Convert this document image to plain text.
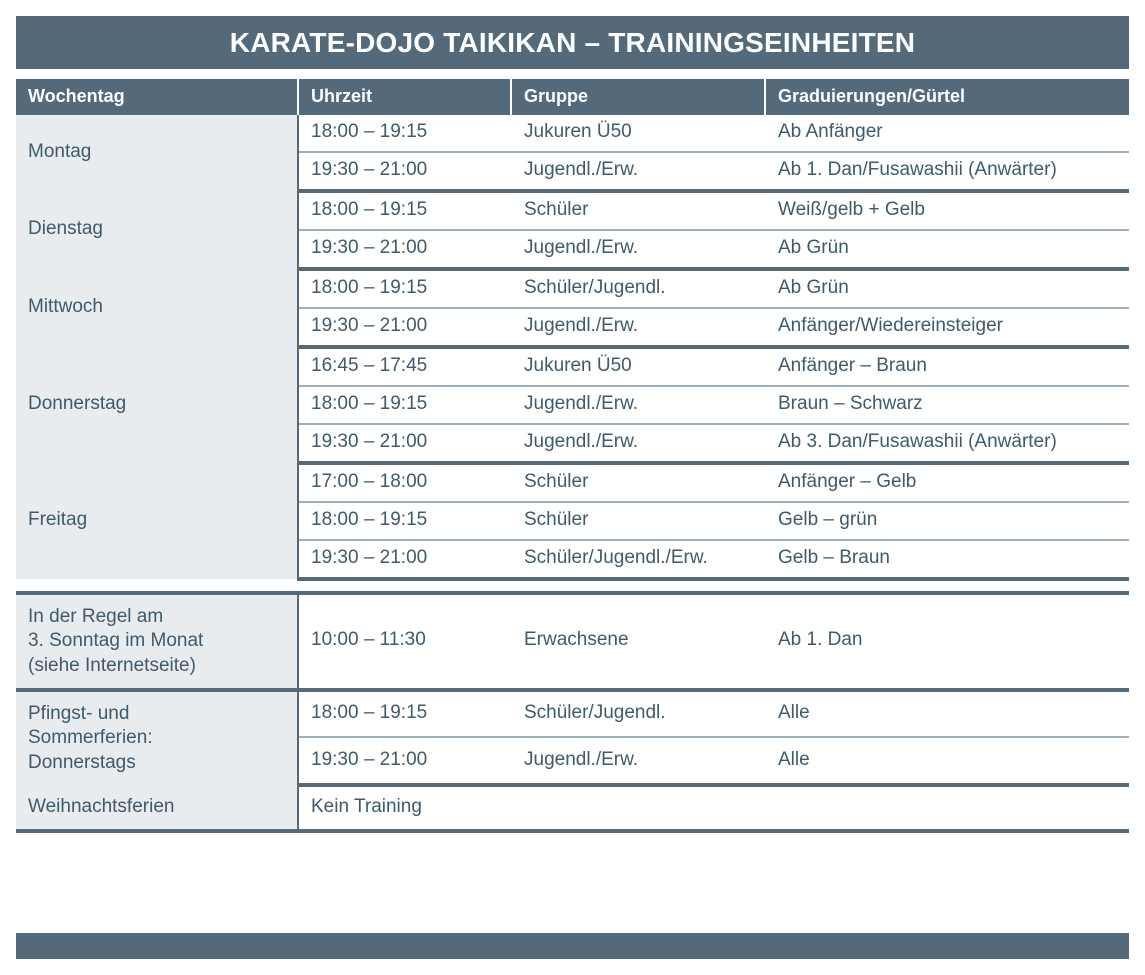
KARATE-DOJO TAIKIKAN – TRAININGSEINHEITEN
Wochentag	Uhrzeit	Gruppe	Graduierungen/Gürtel
Montag	18:00 – 19:15	Jukuren Ü50	Ab Anfänger
	19:30 – 21:00	Jugendl./Erw.	Ab 1. Dan/Fusawashii (Anwärter)
Dienstag	18:00 – 19:15	Schüler	Weiß/gelb + Gelb
	19:30 – 21:00	Jugendl./Erw.	Ab Grün
Mittwoch	18:00 – 19:15	Schüler/Jugendl.	Ab Grün
	19:30 – 21:00	Jugendl./Erw.	Anfänger/Wiedereinsteiger
Donnerstag	16:45 – 17:45	Jukuren Ü50	Anfänger – Braun
	18:00 – 19:15	Jugendl./Erw.	Braun – Schwarz
	19:30 – 21:00	Jugendl./Erw.	Ab 3. Dan/Fusawashii (Anwärter)
Freitag	17:00 – 18:00	Schüler	Anfänger – Gelb
	18:00 – 19:15	Schüler	Gelb – grün
	19:30 – 21:00	Schüler/Jugendl./Erw.	Gelb – Braun

In der Regel am
3. Sonntag im Monat
(siehe Internetseite)	10:00 – 11:30	Erwachsene	Ab 1. Dan
Pfingst- und
Sommerferien:
Donnerstags	18:00 – 19:15	Schüler/Jugendl.	Alle
	19:30 – 21:00	Jugendl./Erw.	Alle
Weihnachtsferien	Kein Training		
